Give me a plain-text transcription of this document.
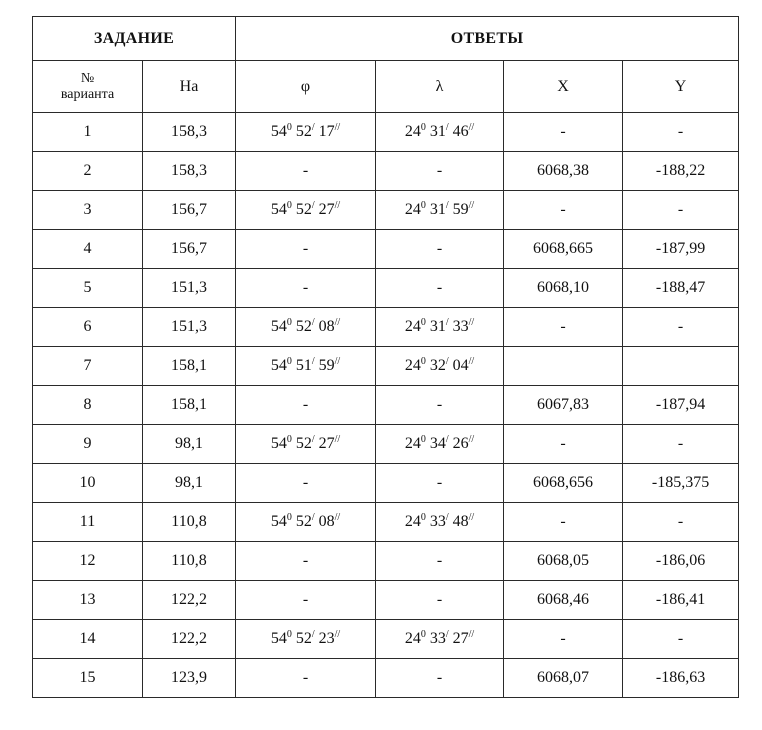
ЗАДАНИЕ		ОТВЕТЫ			
№
варианта	На	φ	λ	X	Y
1	158,3	$54^0$ 52/ 17//	$24^0$ 31/ 46//	-	-
2	158,3	-	-	6068,38	-188,22
3	156,7	$54^0$ 52/ 27//	$24^0$ 31/ 59//	-	-
4	156,7	-	-	6068,665	-187,99
5	151,3	-	-	6068,10	-188,47
6	151,3	$54^0$ 52/ 08//	$24^0$ 31/ 33//	-	-
7	158,1	$54^0$ 51/ 59//	$24^0$ 32/ 04//		
8	158,1	-	-	6067,83	-187,94
9	98,1	$54^0$ 52/ 27//	$24^0$ 34/ 26//	-	-
10	98,1	-	-	6068,656	-185,375
11	110,8	$54^0$ 52/ 08//	$24^0$ 33/ 48//	-	-
12	110,8	-	-	6068,05	-186,06
13	122,2	-	-	6068,46	-186,41
14	122,2	$54^0$ 52/ 23//	$24^0$ 33/ 27//	-	-
15	123,9	-	-	6068,07	-186,63
